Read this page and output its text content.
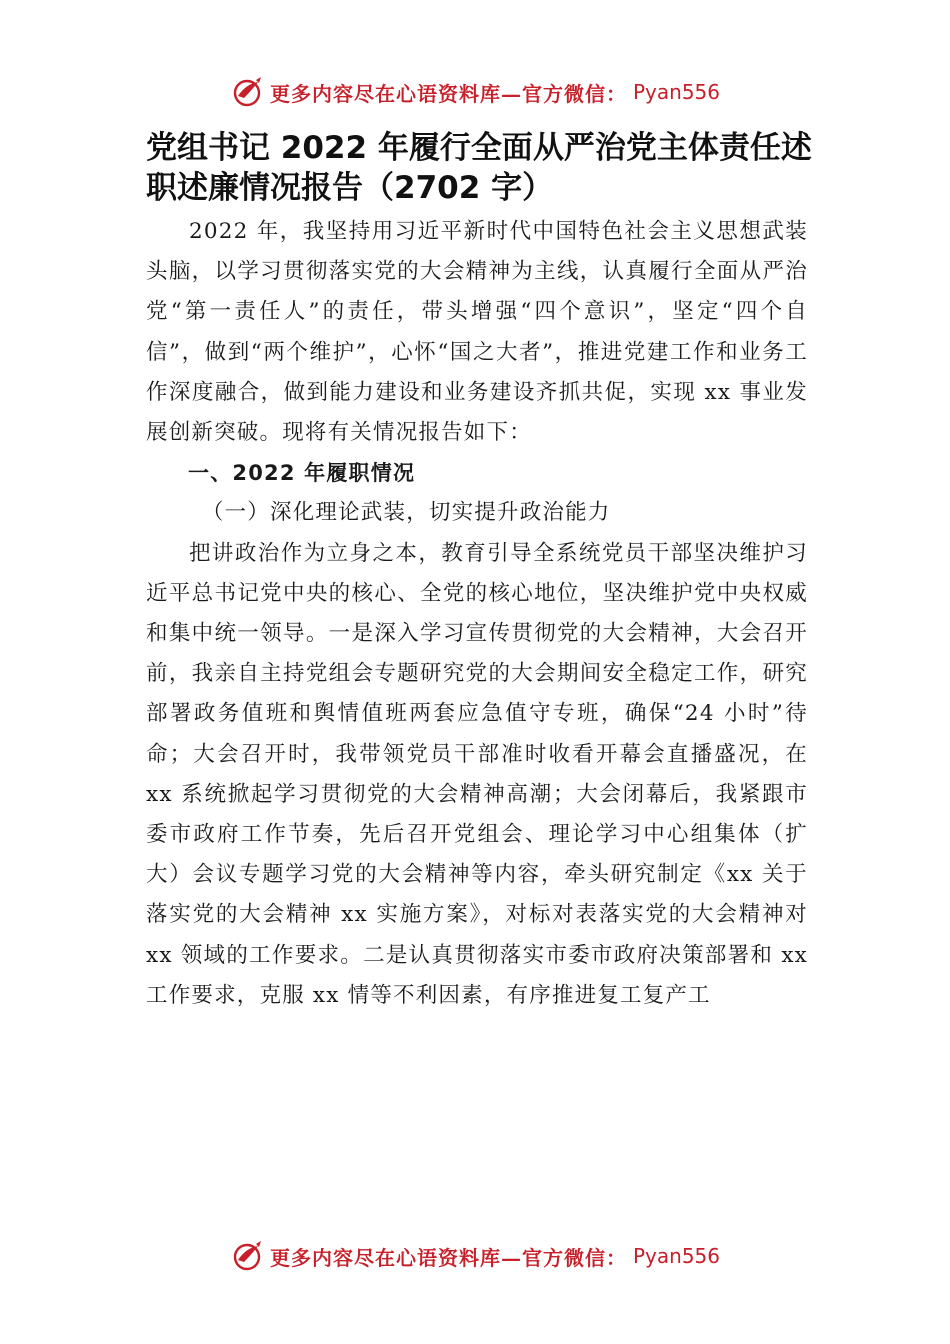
更多内容尽在心语资料库—官方微信： Pyan556
党组书记 2022 年履行全面从严治党主体责任述职述廉情况报告（2702 字）

2022 年，我坚持用习近平新时代中国特色社会主义思想武装头脑，以学习贯彻落实党的大会精神为主线，认真履行全面从严治党“第一责任人”的责任，带头增强“四个意识”，坚定“四个自信”，做到“两个维护”，心怀“国之大者”，推进党建工作和业务工作深度融合，做到能力建设和业务建设齐抓共促，实现 xx 事业发展创新突破。现将有关情况报告如下：

一、2022 年履职情况

（一）深化理论武装，切实提升政治能力

把讲政治作为立身之本，教育引导全系统党员干部坚决维护习近平总书记党中央的核心、全党的核心地位，坚决维护党中央权威和集中统一领导。一是深入学习宣传贯彻党的大会精神，大会召开前，我亲自主持党组会专题研究党的大会期间安全稳定工作，研究部署政务值班和舆情值班两套应急值守专班，确保“24 小时”待命；大会召开时，我带领党员干部准时收看开幕会直播盛况，在 xx 系统掀起学习贯彻党的大会精神高潮；大会闭幕后，我紧跟市委市政府工作节奏，先后召开党组会、理论学习中心组集体（扩大）会议专题学习党的大会精神等内容，牵头研究制定《xx 关于落实党的大会精神 xx 实施方案》，对标对表落实党的大会精神对 xx 领域的工作要求。二是认真贯彻落实市委市政府决策部署和 xx 工作要求，克服 xx 情等不利因素，有序推进复工复产工

更多内容尽在心语资料库—官方微信： Pyan556
